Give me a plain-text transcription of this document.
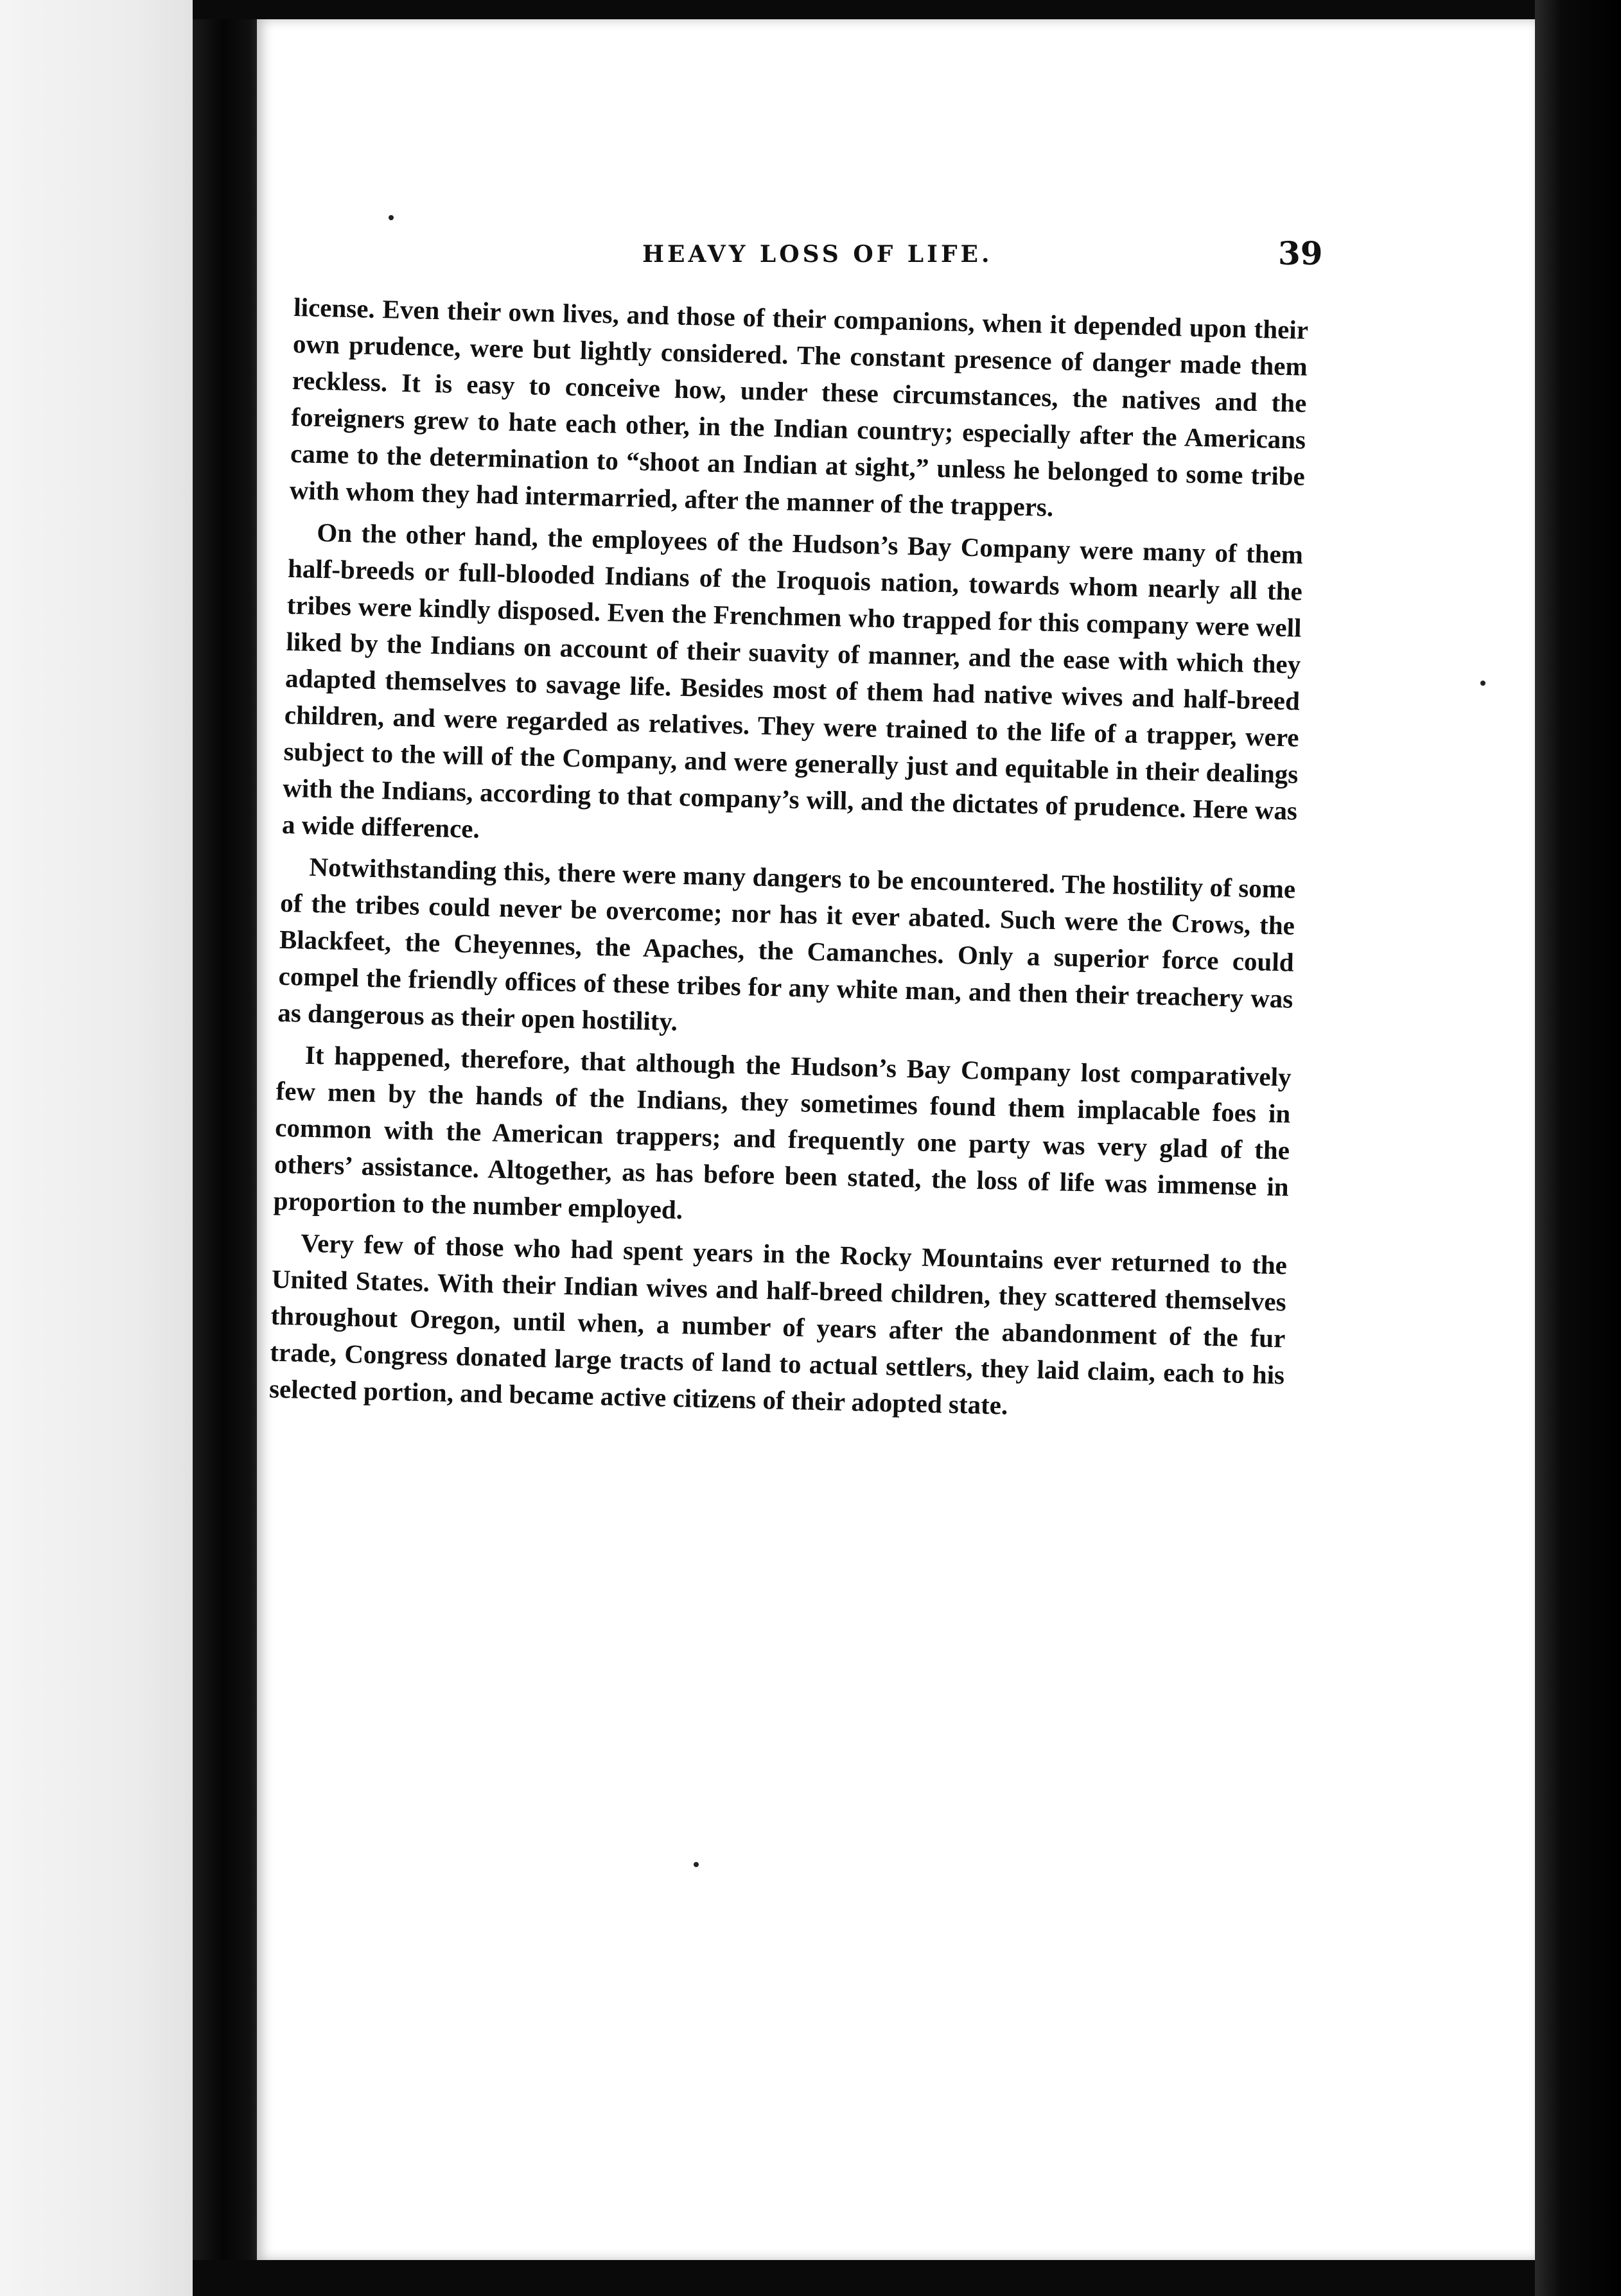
HEAVY LOSS OF LIFE.	39

license. Even their own lives, and those of their companions, when it depended upon their own prudence, were but lightly considered. The constant presence of danger made them reckless. It is easy to conceive how, under these circumstances, the natives and the foreigners grew to hate each other, in the Indian country; especially after the Americans came to the determination to “shoot an Indian at sight,” unless he belonged to some tribe with whom they had intermarried, after the manner of the trappers.

On the other hand, the employees of the Hudson’s Bay Company were many of them half-breeds or full-blooded Indians of the Iroquois nation, towards whom nearly all the tribes were kindly disposed. Even the Frenchmen who trapped for this company were well liked by the Indians on account of their suavity of manner, and the ease with which they adapted themselves to savage life. Besides most of them had native wives and half-breed children, and were regarded as relatives. They were trained to the life of a trapper, were subject to the will of the Company, and were generally just and equitable in their dealings with the Indians, according to that company’s will, and the dictates of prudence. Here was a wide difference.

Notwithstanding this, there were many dangers to be encountered. The hostility of some of the tribes could never be overcome; nor has it ever abated. Such were the Crows, the Blackfeet, the Cheyennes, the Apaches, the Camanches. Only a superior force could compel the friendly offices of these tribes for any white man, and then their treachery was as dangerous as their open hostility.

It happened, therefore, that although the Hudson’s Bay Company lost comparatively few men by the hands of the Indians, they sometimes found them implacable foes in common with the American trappers; and frequently one party was very glad of the others’ assistance. Altogether, as has before been stated, the loss of life was immense in proportion to the number employed.

Very few of those who had spent years in the Rocky Mountains ever returned to the United States. With their Indian wives and half-breed children, they scattered themselves throughout Oregon, until when, a number of years after the abandonment of the fur trade, Congress donated large tracts of land to actual settlers, they laid claim, each to his selected portion, and became active citizens of their adopted state.
